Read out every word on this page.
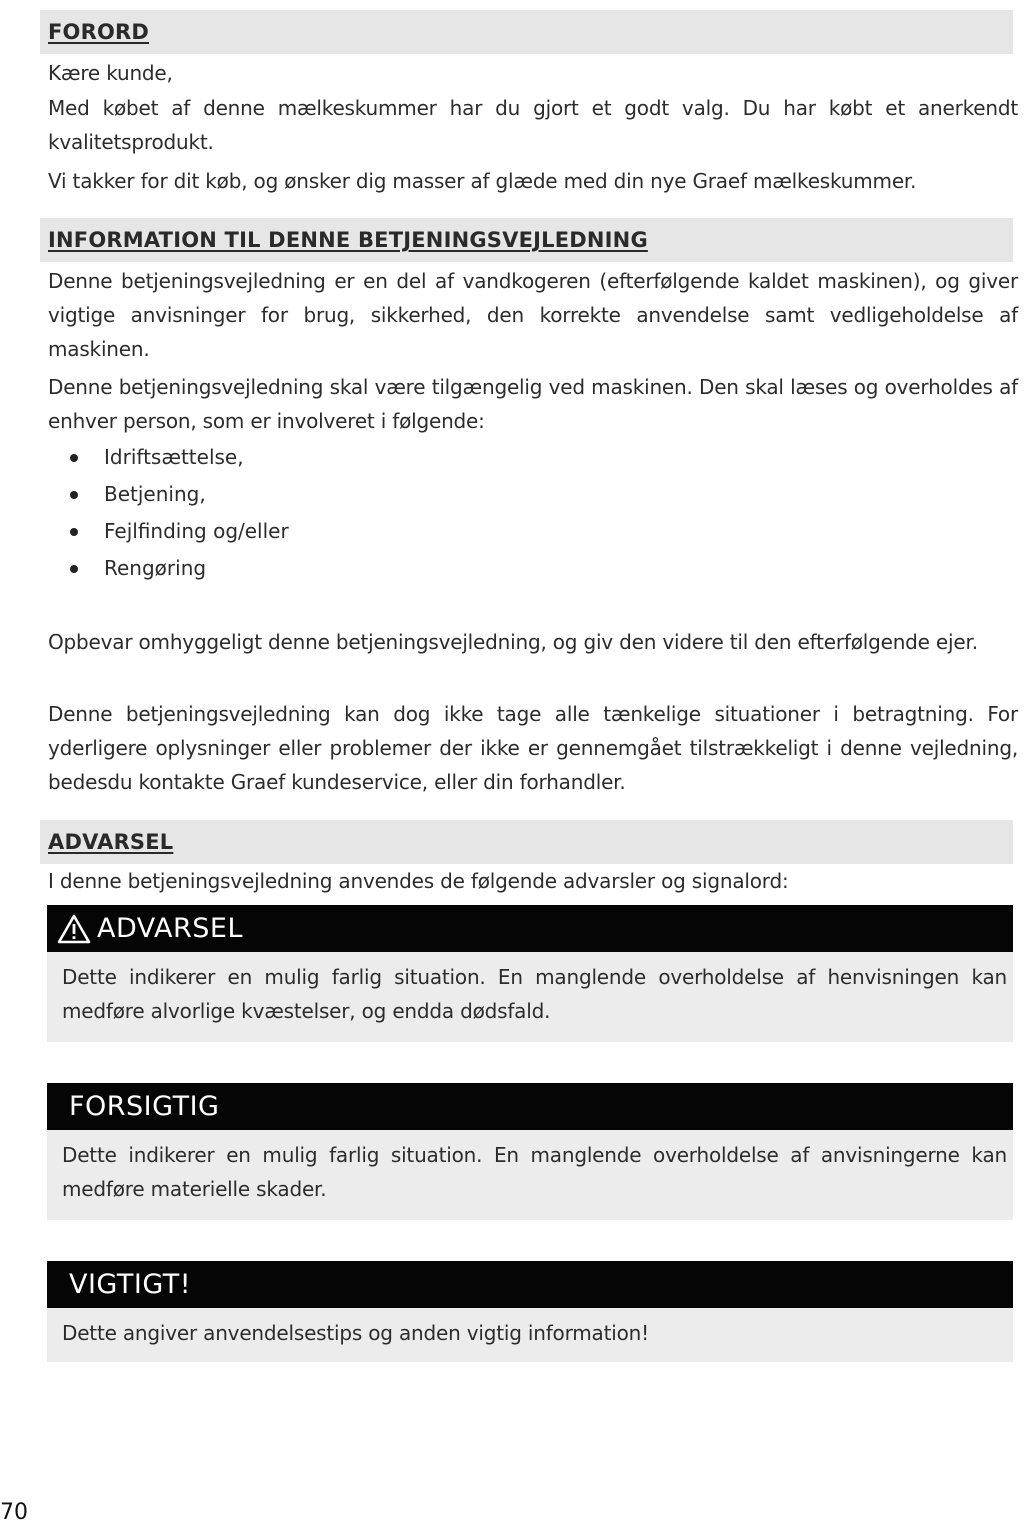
FORORD

Kære kunde,

Med købet af denne mælkeskummer har du gjort et godt valg. Du har købt et anerkendt kvalitetsprodukt.

Vi takker for dit køb, og ønsker dig masser af glæde med din nye Graef mælkeskummer.

INFORMATION TIL DENNE BETJENINGSVEJLEDNING

Denne betjeningsvejledning er en del af vandkogeren (efterfølgende kaldet maskinen), og giver vigtige anvisninger for brug, sikkerhed, den korrekte anvendelse samt vedligeholdelse af maskinen.

Denne betjeningsvejledning skal være tilgængelig ved maskinen. Den skal læses og overholdes af enhver person, som er involveret i følgende:

Idriftsættelse,
Betjening,
Fejlfinding og/eller
Rengøring

Opbevar omhyggeligt denne betjeningsvejledning, og giv den videre til den efterfølgende ejer.

Denne betjeningsvejledning kan dog ikke tage alle tænkelige situationer i betragtning. For yderligere oplysninger eller problemer der ikke er gennemgået tilstrækkeligt i denne vejledning, bedesdu kontakte Graef kundeservice, eller din forhandler.

ADVARSEL

I denne betjeningsvejledning anvendes de følgende advarsler og signalord:

ADVARSEL
Dette indikerer en mulig farlig situation. En manglende overholdelse af henvisningen kan medføre alvorlige kvæstelser, og endda dødsfald.
FORSIGTIG
Dette indikerer en mulig farlig situation. En manglende overholdelse af anvisningerne kan medføre materielle skader.
VIGTIGT!
Dette angiver anvendelsestips og anden vigtig information!
70
